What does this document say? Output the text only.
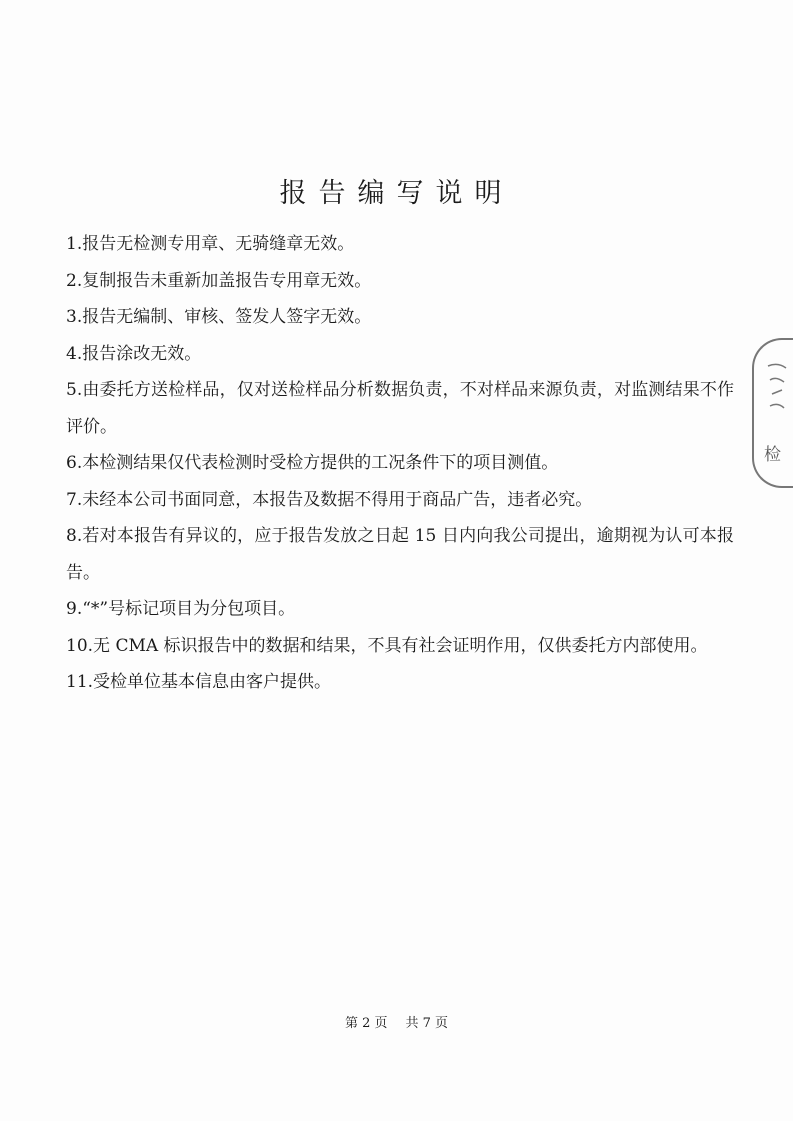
报告编写说明
1.报告无检测专用章、无骑缝章无效。
2.复制报告未重新加盖报告专用章无效。
3.报告无编制、审核、签发人签字无效。
4.报告涂改无效。
5.由委托方送检样品，仅对送检样品分析数据负责，不对样品来源负责，对监测结果不作评价。
6.本检测结果仅代表检测时受检方提供的工况条件下的项目测值。
7.未经本公司书面同意，本报告及数据不得用于商品广告，违者必究。
8.若对本报告有异议的，应于报告发放之日起 15 日内向我公司提出，逾期视为认可本报告。
9.“*”号标记项目为分包项目。
10.无 CMA 标识报告中的数据和结果，不具有社会证明作用，仅供委托方内部使用。
11.受检单位基本信息由客户提供。
第 2 页 共 7 页
检
